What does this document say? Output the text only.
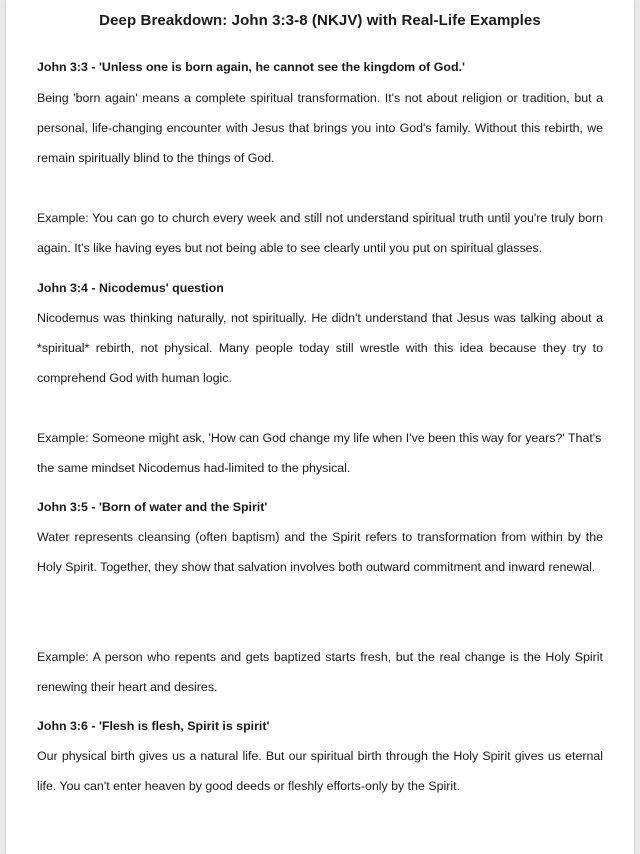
Deep Breakdown: John 3:3-8 (NKJV) with Real-Life Examples
John 3:3 - 'Unless one is born again, he cannot see the kingdom of God.'
Being 'born again' means a complete spiritual transformation. It's not about religion or tradition, but a personal, life-changing encounter with Jesus that brings you into God's family. Without this rebirth, we remain spiritually blind to the things of God.
Example: You can go to church every week and still not understand spiritual truth until you're truly born again. It's like having eyes but not being able to see clearly until you put on spiritual glasses.
John 3:4 - Nicodemus' question
Nicodemus was thinking naturally, not spiritually. He didn't understand that Jesus was talking about a *spiritual* rebirth, not physical. Many people today still wrestle with this idea because they try to comprehend God with human logic.
Example: Someone might ask, 'How can God change my life when I've been this way for years?' That's the same mindset Nicodemus had-limited to the physical.
John 3:5 - 'Born of water and the Spirit'
Water represents cleansing (often baptism) and the Spirit refers to transformation from within by the Holy Spirit. Together, they show that salvation involves both outward commitment and inward renewal.
Example: A person who repents and gets baptized starts fresh, but the real change is the Holy Spirit renewing their heart and desires.
John 3:6 - 'Flesh is flesh, Spirit is spirit'
Our physical birth gives us a natural life. But our spiritual birth through the Holy Spirit gives us eternal life. You can't enter heaven by good deeds or fleshly efforts-only by the Spirit.
